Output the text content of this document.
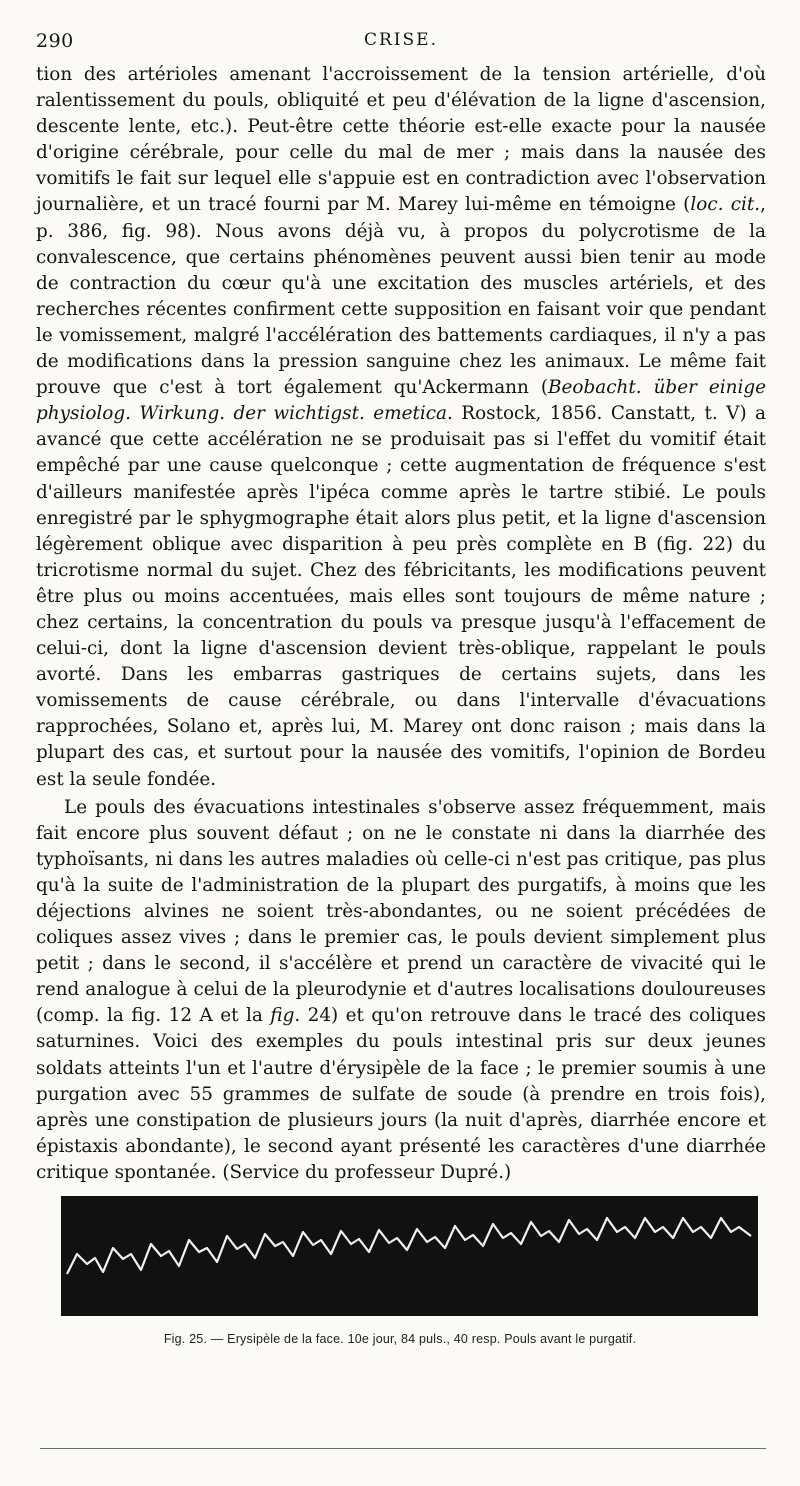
290	CRISE.

tion des artérioles amenant l'accroissement de la tension artérielle, d'où ralentissement du pouls, obliquité et peu d'élévation de la ligne d'ascension, descente lente, etc.). Peut-être cette théorie est-elle exacte pour la nausée d'origine cérébrale, pour celle du mal de mer ; mais dans la nausée des vomitifs le fait sur lequel elle s'appuie est en contradiction avec l'observation journalière, et un tracé fourni par M. Marey lui-même en témoigne (loc. cit., p. 386, fig. 98). Nous avons déjà vu, à propos du polycrotisme de la convalescence, que certains phénomènes peuvent aussi bien tenir au mode de contraction du cœur qu'à une excitation des muscles artériels, et des recherches récentes confirment cette supposition en faisant voir que pendant le vomissement, malgré l'accélération des battements cardiaques, il n'y a pas de modifications dans la pression sanguine chez les animaux. Le même fait prouve que c'est à tort également qu'Ackermann (Beobacht. über einige physiolog. Wirkung. der wichtigst. emetica. Rostock, 1856. Canstatt, t. V) a avancé que cette accélération ne se produisait pas si l'effet du vomitif était empêché par une cause quelconque ; cette augmentation de fréquence s'est d'ailleurs manifestée après l'ipéca comme après le tartre stibié. Le pouls enregistré par le sphygmographe était alors plus petit, et la ligne d'ascension légèrement oblique avec disparition à peu près complète en B (fig. 22) du tricrotisme normal du sujet. Chez des fébricitants, les modifications peuvent être plus ou moins accentuées, mais elles sont toujours de même nature ; chez certains, la concentration du pouls va presque jusqu'à l'effacement de celui-ci, dont la ligne d'ascension devient très-oblique, rappelant le pouls avorté. Dans les embarras gastriques de certains sujets, dans les vomissements de cause cérébrale, ou dans l'intervalle d'évacuations rapprochées, Solano et, après lui, M. Marey ont donc raison ; mais dans la plupart des cas, et surtout pour la nausée des vomitifs, l'opinion de Bordeu est la seule fondée.

Le pouls des évacuations intestinales s'observe assez fréquemment, mais fait encore plus souvent défaut ; on ne le constate ni dans la diarrhée des typhoïsants, ni dans les autres maladies où celle-ci n'est pas critique, pas plus qu'à la suite de l'administration de la plupart des purgatifs, à moins que les déjections alvines ne soient très-abondantes, ou ne soient précédées de coliques assez vives ; dans le premier cas, le pouls devient simplement plus petit ; dans le second, il s'accélère et prend un caractère de vivacité qui le rend analogue à celui de la pleurodynie et d'autres localisations douloureuses (comp. la fig. 12 A et la fig. 24) et qu'on retrouve dans le tracé des coliques saturnines. Voici des exemples du pouls intestinal pris sur deux jeunes soldats atteints l'un et l'autre d'érysipèle de la face ; le premier soumis à une purgation avec 55 grammes de sulfate de soude (à prendre en trois fois), après une constipation de plusieurs jours (la nuit d'après, diarrhée encore et épistaxis abondante), le second ayant présenté les caractères d'une diarrhée critique spontanée. (Service du professeur Dupré.)

Fig. 25. — Erysipèle de la face. 10e jour, 84 puls., 40 resp. Pouls avant le purgatif.
